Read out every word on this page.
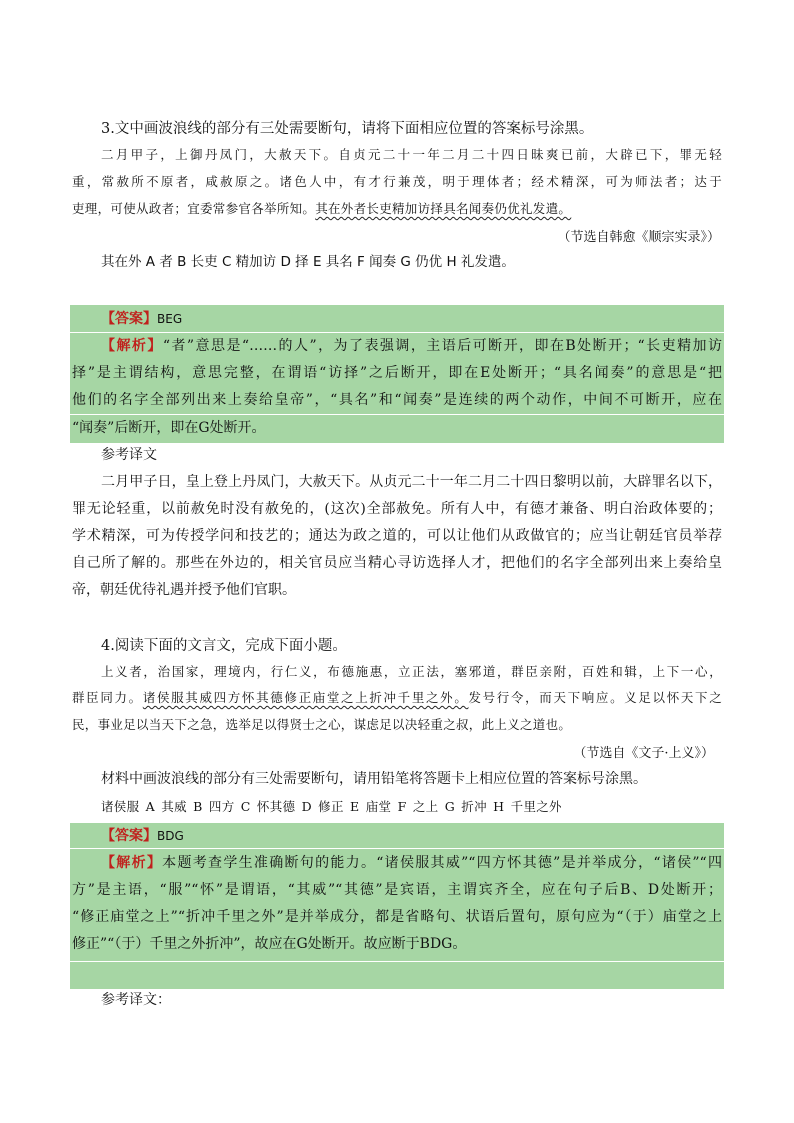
3.文中画波浪线的部分有三处需要断句，请将下面相应位置的答案标号涂黑。
二月甲子，上御丹凤门，大赦天下。自贞元二十一年二月二十四日昧爽已前，大辟已下，罪无轻
重，常赦所不原者，咸赦原之。诸色人中，有才行兼茂，明于理体者；经术精深，可为师法者；达于
吏理，可使从政者；宜委常参官各举所知。其在外者长吏精加访择具名闻奏仍优礼发遣。
（节选自韩愈《顺宗实录》）
其在外 A 者 B 长吏 C 精加访 D 择 E 具名 F 闻奏 G 仍优 H 礼发遣。
【答案】BEG
【解析】“者”意思是“……的人”，为了表强调，主语后可断开，即在B处断开；“长吏精加访
择”是主谓结构，意思完整，在谓语“访择”之后断开，即在E处断开；“具名闻奏”的意思是“把
他们的名字全部列出来上奏给皇帝”，“具名”和“闻奏”是连续的两个动作，中间不可断开，应在
“闻奏”后断开，即在G处断开。
参考译文
二月甲子日，皇上登上丹凤门，大赦天下。从贞元二十一年二月二十四日黎明以前，大辟罪名以下，
罪无论轻重，以前赦免时没有赦免的，(这次)全部赦免。所有人中，有德才兼备、明白治政体要的；
学术精深，可为传授学问和技艺的；通达为政之道的，可以让他们从政做官的；应当让朝廷官员举荐
自己所了解的。那些在外边的，相关官员应当精心寻访选择人才，把他们的名字全部列出来上奏给皇
帝，朝廷优待礼遇并授予他们官职。
4.阅读下面的文言文，完成下面小题。
上义者，治国家，理境内，行仁义，布德施惠，立正法，塞邪道，群臣亲附，百姓和辑，上下一心，
群臣同力。诸侯服其威四方怀其德修正庙堂之上折冲千里之外。发号行令，而天下响应。义足以怀天下之
民，事业足以当天下之急，选举足以得贤士之心，谋虑足以决轻重之叔，此上义之道也。
（节选自《文子·上义》）
材料中画波浪线的部分有三处需要断句，请用铅笔将答题卡上相应位置的答案标号涂黑。
诸侯服 A 其威 B 四方 C 怀其德 D 修正 E 庙堂 F 之上 G 折冲 H 千里之外
【答案】BDG
【解析】本题考查学生准确断句的能力。“诸侯服其威”“四方怀其德”是并举成分，“诸侯”“四
方”是主语，“服”“怀”是谓语，“其威”“其德”是宾语，主谓宾齐全，应在句子后B、D处断开；
“修正庙堂之上”“折冲千里之外”是并举成分，都是省略句、状语后置句，原句应为“（于）庙堂之上
修正”“（于）千里之外折冲”，故应在G处断开。故应断于BDG。
参考译文：
